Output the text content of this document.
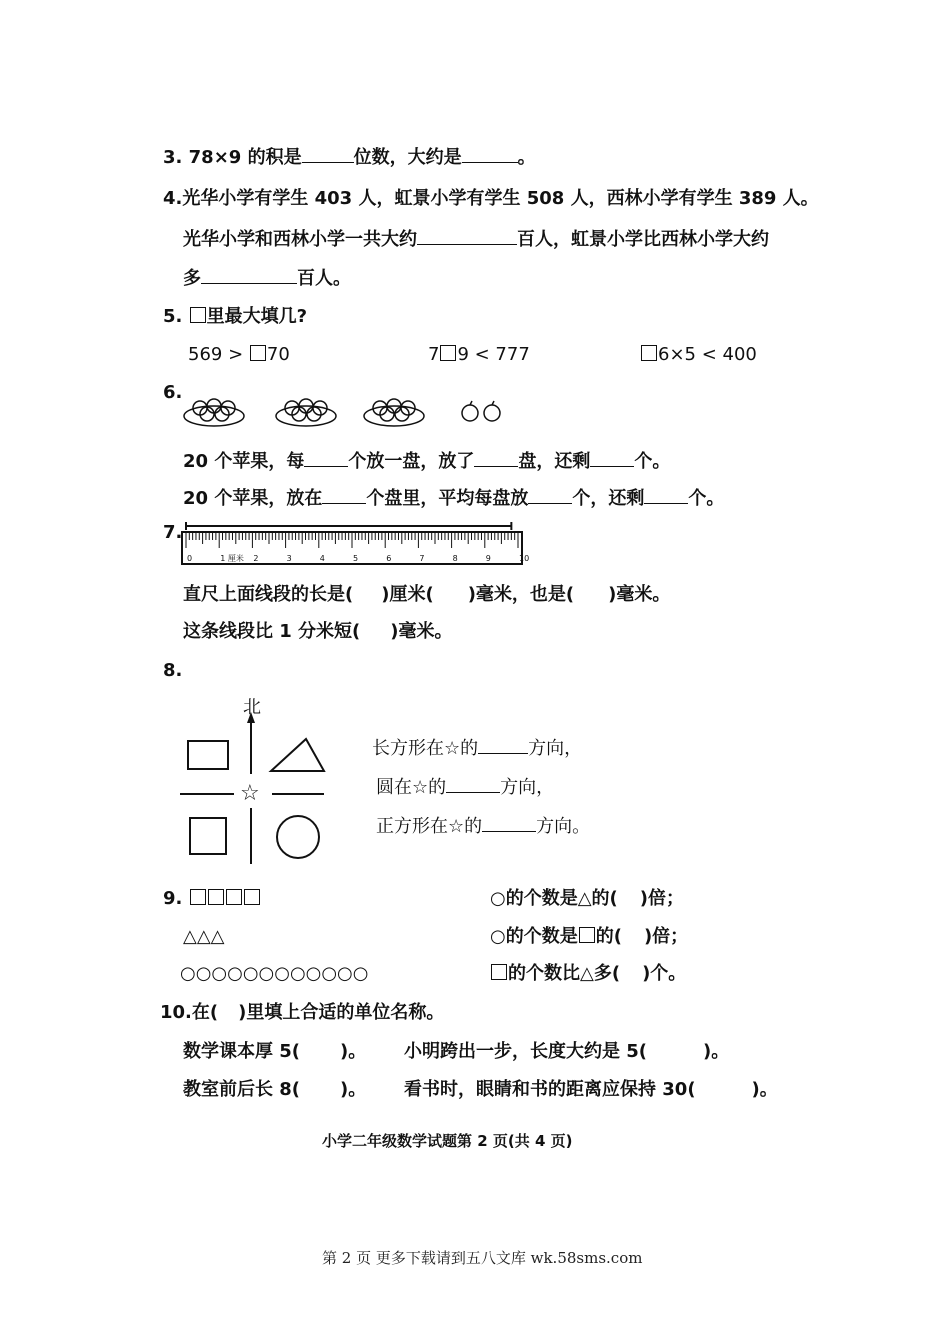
3. 78×9 的积是	位数，大约是	。
4.光华小学有学生 403 人，虹景小学有学生 508 人，西林小学有学生 389 人。
光华小学和西林小学一共大约	百人，虹景小学比西林小学大约
多	百人。
5. 里最大填几?
569 > 70	7 9 < 777	6×5 < 400
6.
20 个苹果，每 个放一盘，放了 盘，还剩 个。
20 个苹果，放在 个盘里，平均每盘放 个，还剩 个。
7.
0	1 厘米 2	3	4	5	6	7	8	9	10
直尺上面线段的长是( )厘米( )毫米，也是( )毫米。
这条线段比 1 分米短( )毫米。
8.
北
☆
长方形在☆的	方向，
圆在☆的	方向，
正方形在☆的	方向。
9.
△△△
○○○○○○○○○○○○
○的个数是△的( )倍；
○的个数是 的( )倍；
的个数比△多( )个。
10.在( )里填上合适的单位名称。
数学课本厚 5( )。 小明跨出一步，长度大约是 5(	)。
教室前后长 8( )。 看书时，眼睛和书的距离应保持 30(	)。
小学二年级数学试题第 2 页(共 4 页)
第 2 页 更多下载请到五八文库 wk.58sms.com
